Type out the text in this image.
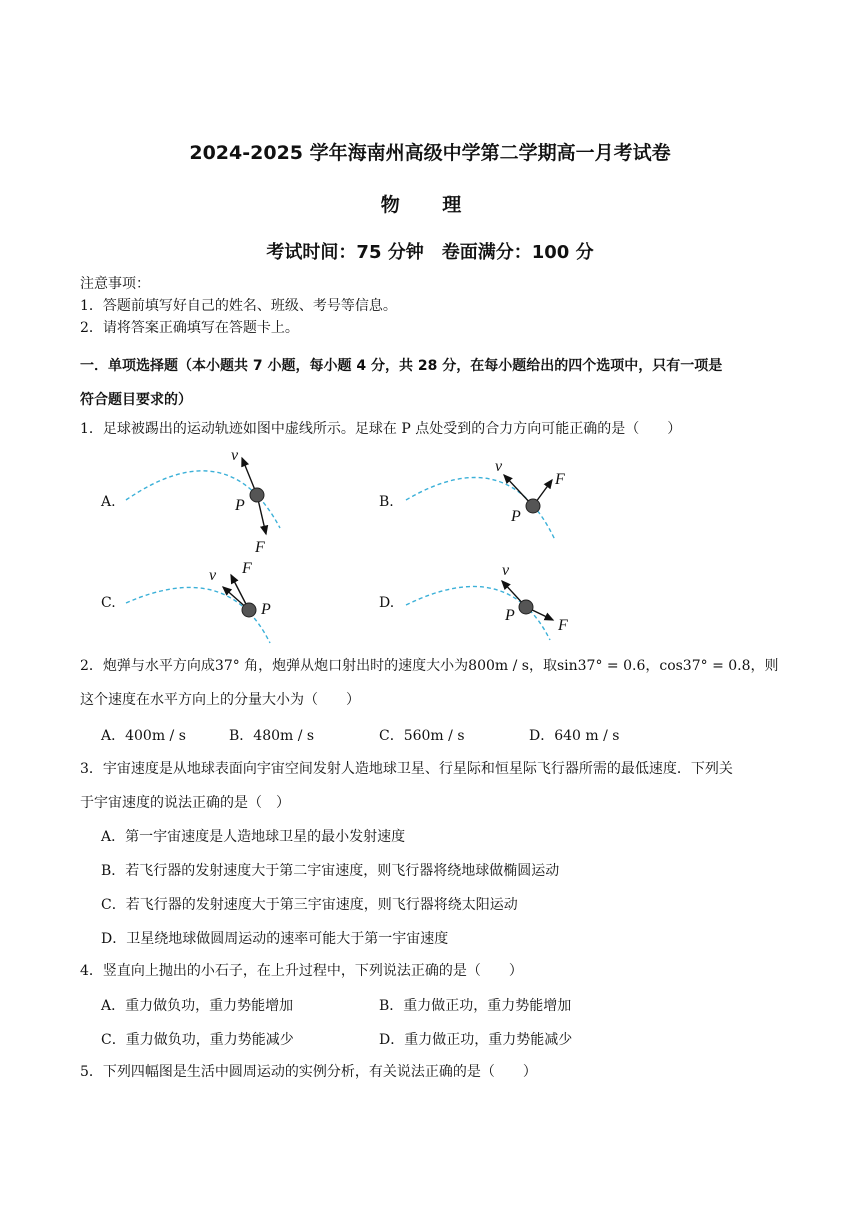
2024-2025 学年海南州高级中学第二学期高一月考试卷
物 理
考试时间：75 分钟　卷面满分：100 分
注意事项：
1．答题前填写好自己的姓名、班级、考号等信息。
2．请将答案正确填写在答题卡上。
一．单项选择题（本小题共 7 小题，每小题 4 分，共 28 分，在每小题给出的四个选项中，只有一项是
符合题目要求的）
1．足球被踢出的运动轨迹如图中虚线所示。足球在 P 点处受到的合力方向可能正确的是（　　）
A.	B.
C.	D.
v
P
F
v
F
P
v F
P
v
P
F
2．炮弹与水平方向成37° 角，炮弹从炮口射出时的速度大小为800m / s，取sin37° = 0.6，cos37° = 0.8，则
这个速度在水平方向上的分量大小为（　　）
A．400m / s	B．480m / s	C．560m / s	D．640 m / s
3．宇宙速度是从地球表面向宇宙空间发射人造地球卫星、行星际和恒星际飞行器所需的最低速度．下列关
于宇宙速度的说法正确的是（　）
A．第一宇宙速度是人造地球卫星的最小发射速度
B．若飞行器的发射速度大于第二宇宙速度，则飞行器将绕地球做椭圆运动
C．若飞行器的发射速度大于第三宇宙速度，则飞行器将绕太阳运动
D．卫星绕地球做圆周运动的速率可能大于第一宇宙速度
4．竖直向上抛出的小石子，在上升过程中，下列说法正确的是（　　）
A．重力做负功，重力势能增加	B．重力做正功，重力势能增加
C．重力做负功，重力势能减少	D．重力做正功，重力势能减少
5．下列四幅图是生活中圆周运动的实例分析，有关说法正确的是（　　）
